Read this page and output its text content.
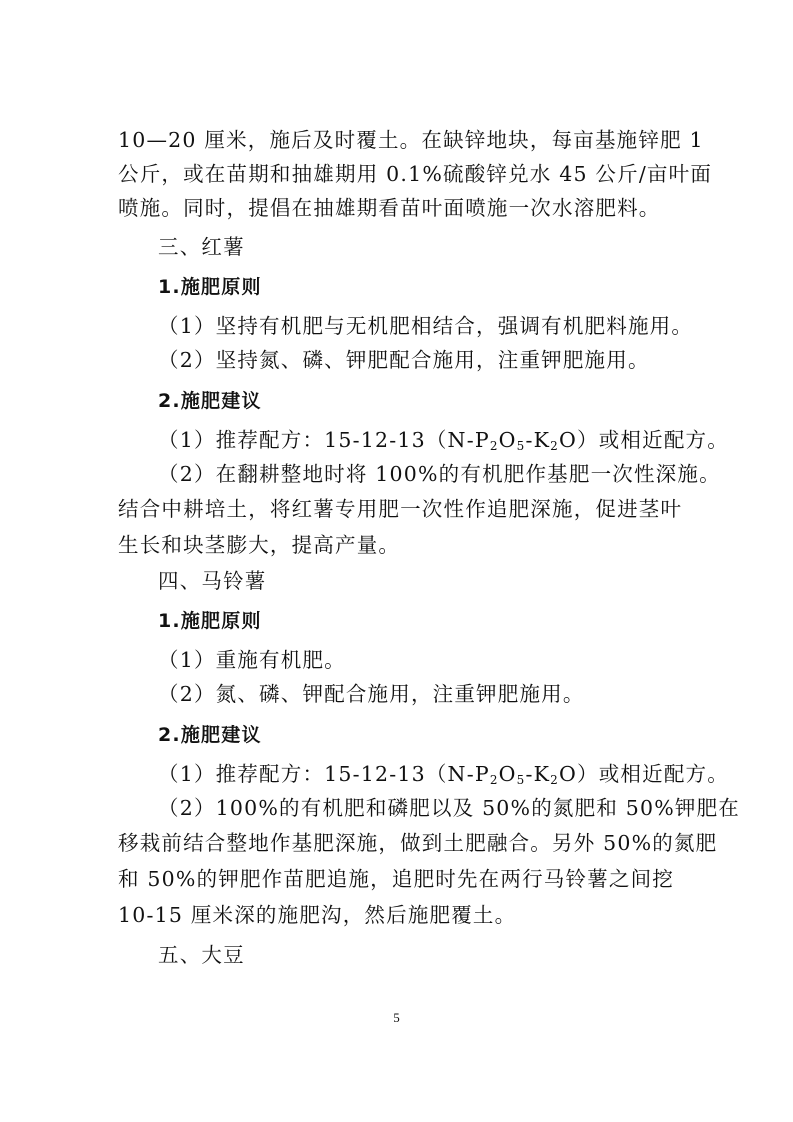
10—20 厘米，施后及时覆土。在缺锌地块，每亩基施锌肥 1
公斤，或在苗期和抽雄期用 0.1%硫酸锌兑水 45 公斤/亩叶面
喷施。同时，提倡在抽雄期看苗叶面喷施一次水溶肥料。
三、红薯
1.施肥原则
（1）坚持有机肥与无机肥相结合，强调有机肥料施用。
（2）坚持氮、磷、钾肥配合施用，注重钾肥施用。
2.施肥建议
（1）推荐配方：$15-12-13(N-P_2O_5-K_2O)$或相近配方。
（2）在翻耕整地时将 100%的有机肥作基肥一次性深施。
结合中耕培土，将红薯专用肥一次性作追肥深施，促进茎叶
生长和块茎膨大，提高产量。
四、马铃薯
1.施肥原则
（1）重施有机肥。
（2）氮、磷、钾配合施用，注重钾肥施用。
2.施肥建议
（1）推荐配方：$15-12-13(N-P_2O_5-K_2O)$或相近配方。
（2）100%的有机肥和磷肥以及 50%的氮肥和 50%钾肥在
移栽前结合整地作基肥深施，做到土肥融合。另外 50%的氮肥
和 50%的钾肥作苗肥追施，追肥时先在两行马铃薯之间挖
10-15 厘米深的施肥沟，然后施肥覆土。
五、大豆
5
